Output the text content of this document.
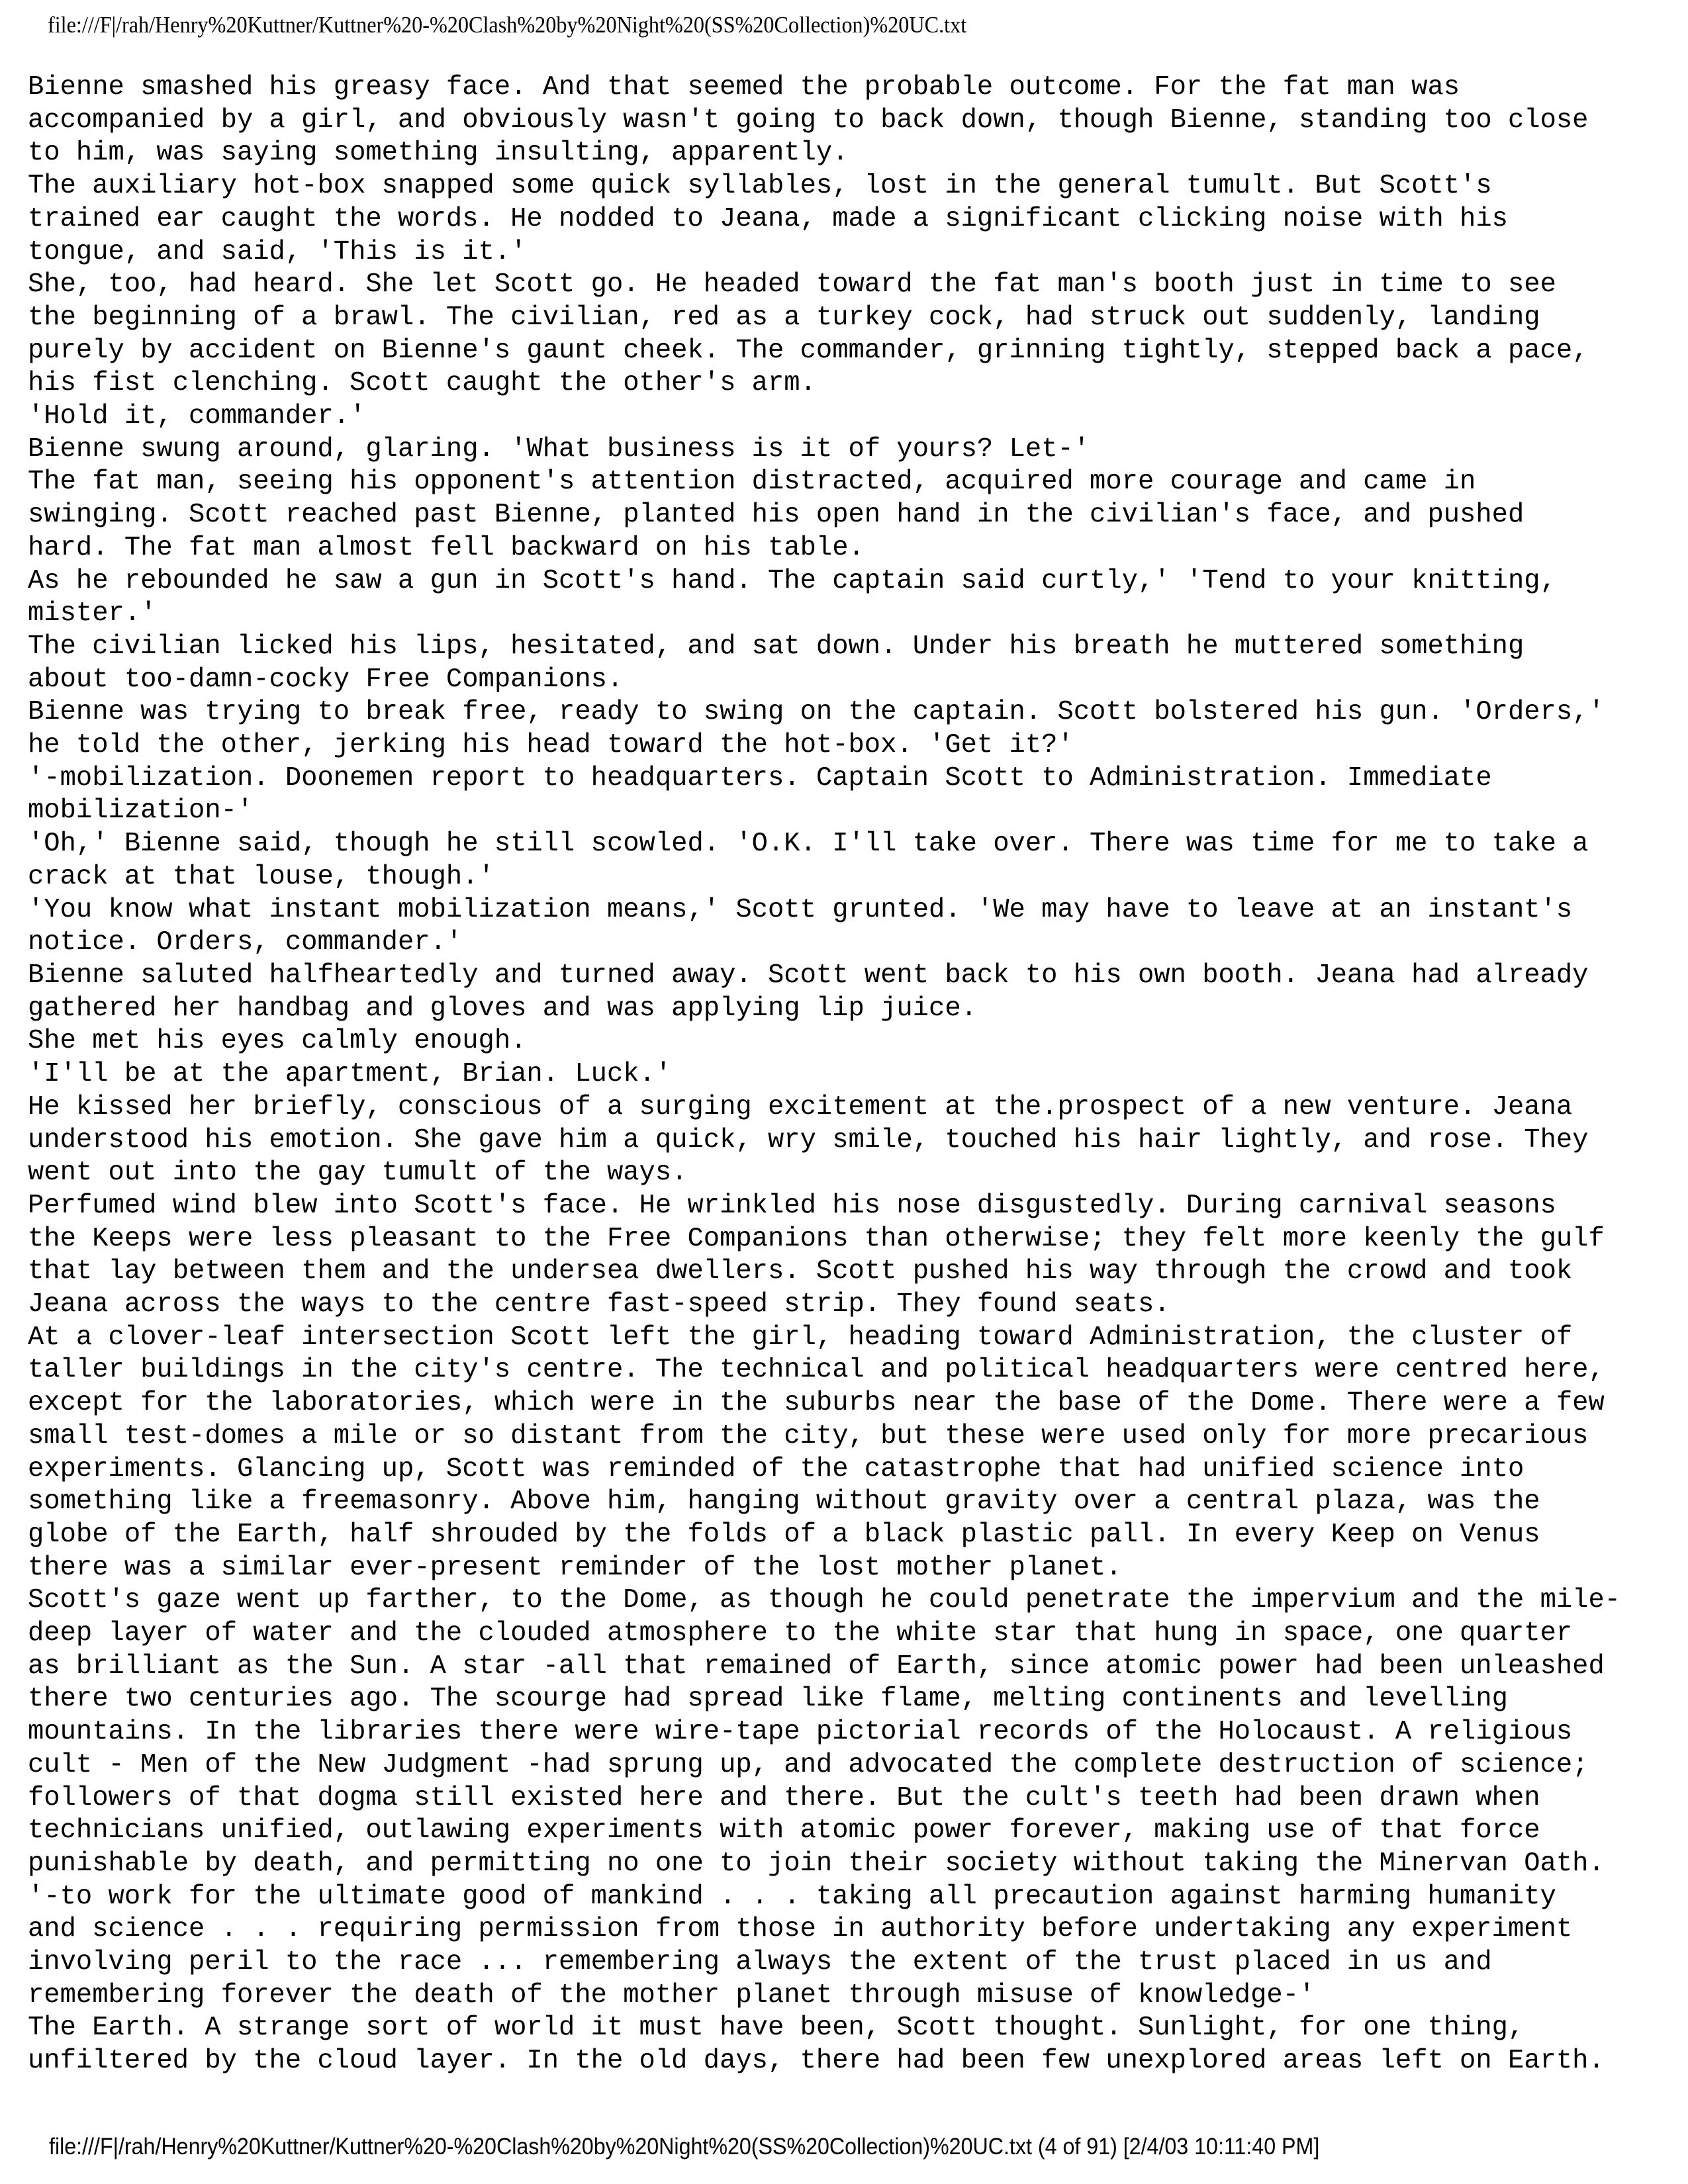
file:///F|/rah/Henry%20Kuttner/Kuttner%20-%20Clash%20by%20Night%20(SS%20Collection)%20UC.txt
Bienne smashed his greasy face. And that seemed the probable outcome. For the fat man was
accompanied by a girl, and obviously wasn't going to back down, though Bienne, standing too close
to him, was saying something insulting, apparently.
The auxiliary hot-box snapped some quick syllables, lost in the general tumult. But Scott's
trained ear caught the words. He nodded to Jeana, made a significant clicking noise with his
tongue, and said, 'This is it.'
She, too, had heard. She let Scott go. He headed toward the fat man's booth just in time to see
the beginning of a brawl. The civilian, red as a turkey cock, had struck out suddenly, landing
purely by accident on Bienne's gaunt cheek. The commander, grinning tightly, stepped back a pace,
his fist clenching. Scott caught the other's arm.
'Hold it, commander.'
Bienne swung around, glaring. 'What business is it of yours? Let-'
The fat man, seeing his opponent's attention distracted, acquired more courage and came in
swinging. Scott reached past Bienne, planted his open hand in the civilian's face, and pushed
hard. The fat man almost fell backward on his table.
As he rebounded he saw a gun in Scott's hand. The captain said curtly,' 'Tend to your knitting,
mister.'
The civilian licked his lips, hesitated, and sat down. Under his breath he muttered something
about too-damn-cocky Free Companions.
Bienne was trying to break free, ready to swing on the captain. Scott bolstered his gun. 'Orders,'
he told the other, jerking his head toward the hot-box. 'Get it?'
'-mobilization. Doonemen report to headquarters. Captain Scott to Administration. Immediate
mobilization-'
'Oh,' Bienne said, though he still scowled. 'O.K. I'll take over. There was time for me to take a
crack at that louse, though.'
'You know what instant mobilization means,' Scott grunted. 'We may have to leave at an instant's
notice. Orders, commander.'
Bienne saluted halfheartedly and turned away. Scott went back to his own booth. Jeana had already
gathered her handbag and gloves and was applying lip juice.
She met his eyes calmly enough.
'I'll be at the apartment, Brian. Luck.'
He kissed her briefly, conscious of a surging excitement at the.prospect of a new venture. Jeana
understood his emotion. She gave him a quick, wry smile, touched his hair lightly, and rose. They
went out into the gay tumult of the ways.
Perfumed wind blew into Scott's face. He wrinkled his nose disgustedly. During carnival seasons
the Keeps were less pleasant to the Free Companions than otherwise; they felt more keenly the gulf
that lay between them and the undersea dwellers. Scott pushed his way through the crowd and took
Jeana across the ways to the centre fast-speed strip. They found seats.
At a clover-leaf intersection Scott left the girl, heading toward Administration, the cluster of
taller buildings in the city's centre. The technical and political headquarters were centred here,
except for the laboratories, which were in the suburbs near the base of the Dome. There were a few
small test-domes a mile or so distant from the city, but these were used only for more precarious
experiments. Glancing up, Scott was reminded of the catastrophe that had unified science into
something like a freemasonry. Above him, hanging without gravity over a central plaza, was the
globe of the Earth, half shrouded by the folds of a black plastic pall. In every Keep on Venus
there was a similar ever-present reminder of the lost mother planet.
Scott's gaze went up farther, to the Dome, as though he could penetrate the impervium and the mile-
deep layer of water and the clouded atmosphere to the white star that hung in space, one quarter
as brilliant as the Sun. A star -all that remained of Earth, since atomic power had been unleashed
there two centuries ago. The scourge had spread like flame, melting continents and levelling
mountains. In the libraries there were wire-tape pictorial records of the Holocaust. A religious
cult - Men of the New Judgment -had sprung up, and advocated the complete destruction of science;
followers of that dogma still existed here and there. But the cult's teeth had been drawn when
technicians unified, outlawing experiments with atomic power forever, making use of that force
punishable by death, and permitting no one to join their society without taking the Minervan Oath.
'-to work for the ultimate good of mankind . . . taking all precaution against harming humanity
and science . . . requiring permission from those in authority before undertaking any experiment
involving peril to the race ... remembering always the extent of the trust placed in us and
remembering forever the death of the mother planet through misuse of knowledge-'
The Earth. A strange sort of world it must have been, Scott thought. Sunlight, for one thing,
unfiltered by the cloud layer. In the old days, there had been few unexplored areas left on Earth.
file:///F|/rah/Henry%20Kuttner/Kuttner%20-%20Clash%20by%20Night%20(SS%20Collection)%20UC.txt (4 of 91) [2/4/03 10:11:40 PM]
